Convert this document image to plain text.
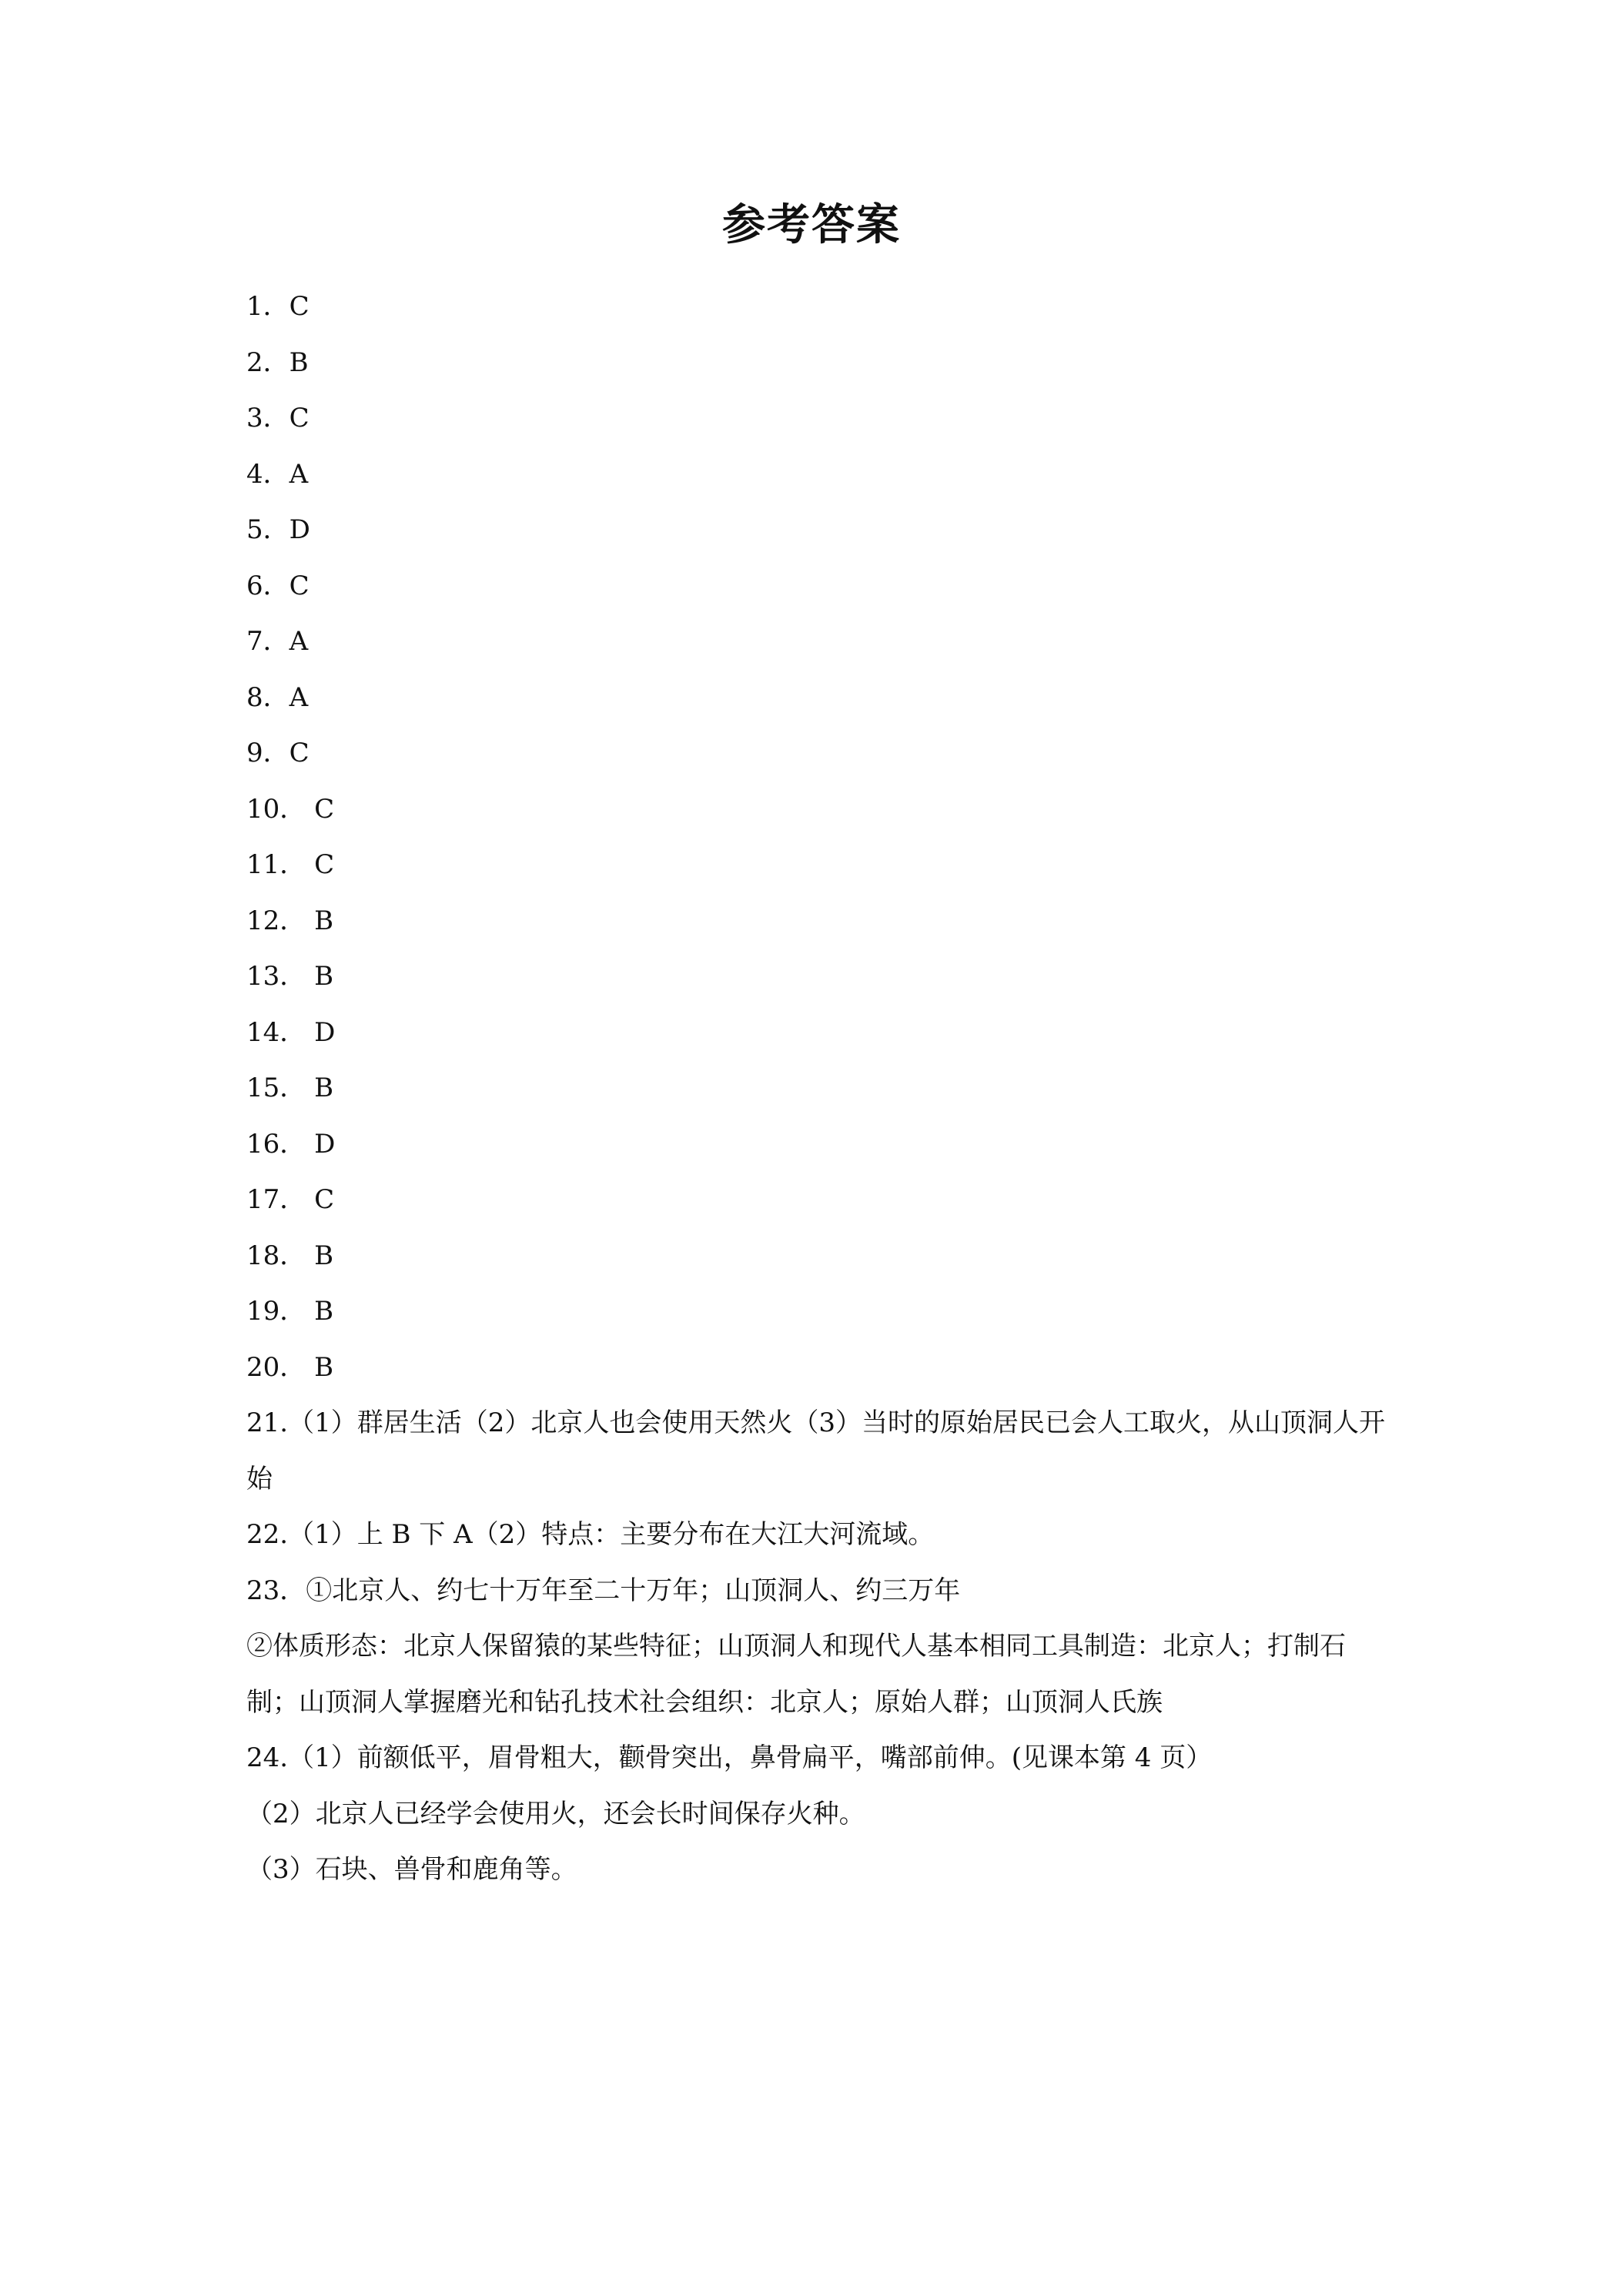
参考答案
1．C
2．B
3．C
4．A
5．D
6．C
7．A
8．A
9．C
10． C
11． C
12． B
13． B
14． D
15． B
16． D
17． C
18． B
19． B
20． B

21.（1）群居生活（2）北京人也会使用天然火（3）当时的原始居民已会人工取火，从山顶洞人开始

22.（1）上 B 下 A（2）特点：主要分布在大江大河流域。

23．①北京人、约七十万年至二十万年；山顶洞人、约三万年

②体质形态：北京人保留猿的某些特征；山顶洞人和现代人基本相同工具制造：北京人；打制石制；山顶洞人掌握磨光和钻孔技术社会组织：北京人；原始人群；山顶洞人氏族

24.（1）前额低平，眉骨粗大，颧骨突出，鼻骨扁平，嘴部前伸。(见课本第 4 页）

（2）北京人已经学会使用火，还会长时间保存火种。

（3）石块、兽骨和鹿角等。
